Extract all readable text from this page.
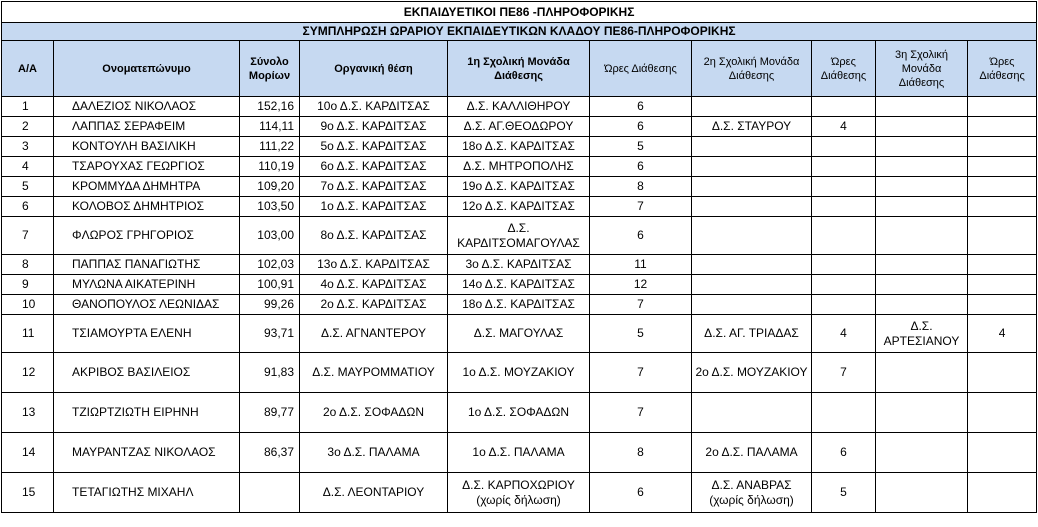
ΕΚΠΑΙΔΥΕΤΙΚΟΙ ΠΕ86 -ΠΛΗΡΟΦΟΡΙΚΗΣ									
ΣΥΜΠΛΗΡΩΣΗ ΩΡΑΡΙΟΥ ΕΚΠΑΙΔΕΥΤΙΚΩΝ ΚΛΑΔΟΥ ΠΕ86-ΠΛΗΡΟΦΟΡΙΚΗΣ									
Α/Α	Ονοματεπώνυμο	Σύνολο Μορίων	Οργανική θέση	1η Σχολική Μονάδα Διάθεσης	Ώρες Διάθεσης	2η Σχολική Μονάδα Διάθεσης	Ώρες Διάθεσης	3η Σχολική Μονάδα Διάθεσης	Ώρες Διάθεσης
1	ΔΑΛΕΖΙΟΣ ΝΙΚΟΛΑΟΣ	152,16	10ο Δ.Σ. ΚΑΡΔΙΤΣΑΣ	Δ.Σ. ΚΑΛΛΙΘΗΡΟΥ	6				
2	ΛΑΠΠΑΣ ΣΕΡΑΦΕΙΜ	114,11	9ο Δ.Σ. ΚΑΡΔΙΤΣΑΣ	Δ.Σ. ΑΓ.ΘΕΟΔΩΡΟΥ	6	Δ.Σ. ΣΤΑΥΡΟΥ	4		
3	ΚΟΝΤΟΥΛΗ ΒΑΣΙΛΙΚΗ	111,22	5ο Δ.Σ. ΚΑΡΔΙΤΣΑΣ	18ο Δ.Σ. ΚΑΡΔΙΤΣΑΣ	5				
4	ΤΣΑΡΟΥΧΑΣ ΓΕΩΡΓΙΟΣ	110,19	6ο Δ.Σ. ΚΑΡΔΙΤΣΑΣ	Δ.Σ. ΜΗΤΡΟΠΟΛΗΣ	6				
5	ΚΡΟΜΜΥΔΑ ΔΗΜΗΤΡΑ	109,20	7ο Δ.Σ. ΚΑΡΔΙΤΣΑΣ	19ο Δ.Σ. ΚΑΡΔΙΤΣΑΣ	8				
6	ΚΟΛΟΒΟΣ ΔΗΜΗΤΡΙΟΣ	103,50	1ο Δ.Σ. ΚΑΡΔΙΤΣΑΣ	12ο Δ.Σ. ΚΑΡΔΙΤΣΑΣ	7				
7	ΦΛΩΡΟΣ ΓΡΗΓΟΡΙΟΣ	103,00	8ο Δ.Σ. ΚΑΡΔΙΤΣΑΣ	Δ.Σ. ΚΑΡΔΙΤΣΟΜΑΓΟΥΛΑΣ	6				
8	ΠΑΠΠΑΣ ΠΑΝΑΓΙΩΤΗΣ	102,03	13ο Δ.Σ. ΚΑΡΔΙΤΣΑΣ	3ο Δ.Σ. ΚΑΡΔΙΤΣΑΣ	11				
9	ΜΥΛΩΝΑ ΑΙΚΑΤΕΡΙΝΗ	100,91	4ο Δ.Σ. ΚΑΡΔΙΤΣΑΣ	14ο Δ.Σ. ΚΑΡΔΙΤΣΑΣ	12				
10	ΘΑΝΟΠΟΥΛΟΣ ΛΕΩΝΙΔΑΣ	99,26	2ο Δ.Σ. ΚΑΡΔΙΤΣΑΣ	18ο Δ.Σ. ΚΑΡΔΙΤΣΑΣ	7				
11	ΤΣΙΑΜΟΥΡΤΑ ΕΛΕΝΗ	93,71	Δ.Σ. ΑΓΝΑΝΤΕΡΟΥ	Δ.Σ. ΜΑΓΟΥΛΑΣ	5	Δ.Σ. ΑΓ. ΤΡΙΑΔΑΣ	4	Δ.Σ. ΑΡΤΕΣΙΑΝΟΥ	4
12	ΑΚΡΙΒΟΣ ΒΑΣΙΛΕΙΟΣ	91,83	Δ.Σ. ΜΑΥΡΟΜΜΑΤΙΟΥ	1ο Δ.Σ. ΜΟΥΖΑΚΙΟΥ	7	2ο Δ.Σ. ΜΟΥΖΑΚΙΟΥ	7		
13	ΤΖΙΩΡΤΖΙΩΤΗ ΕΙΡΗΝΗ	89,77	2ο Δ.Σ. ΣΟΦΑΔΩΝ	1ο Δ.Σ. ΣΟΦΑΔΩΝ	7				
14	ΜΑΥΡΑΝΤΖΑΣ ΝΙΚΟΛΑΟΣ	86,37	3ο Δ.Σ. ΠΑΛΑΜΑ	1ο Δ.Σ. ΠΑΛΑΜΑ	8	2ο Δ.Σ. ΠΑΛΑΜΑ	6		
15	ΤΕΤΑΓΙΩΤΗΣ ΜΙΧΑΗΛ		Δ.Σ. ΛΕΟΝΤΑΡΙΟΥ	Δ.Σ. ΚΑΡΠΟΧΩΡΙΟΥ (χωρίς δήλωση)	6	Δ.Σ. ΑΝΑΒΡΑΣ (χωρίς δήλωση)	5		
